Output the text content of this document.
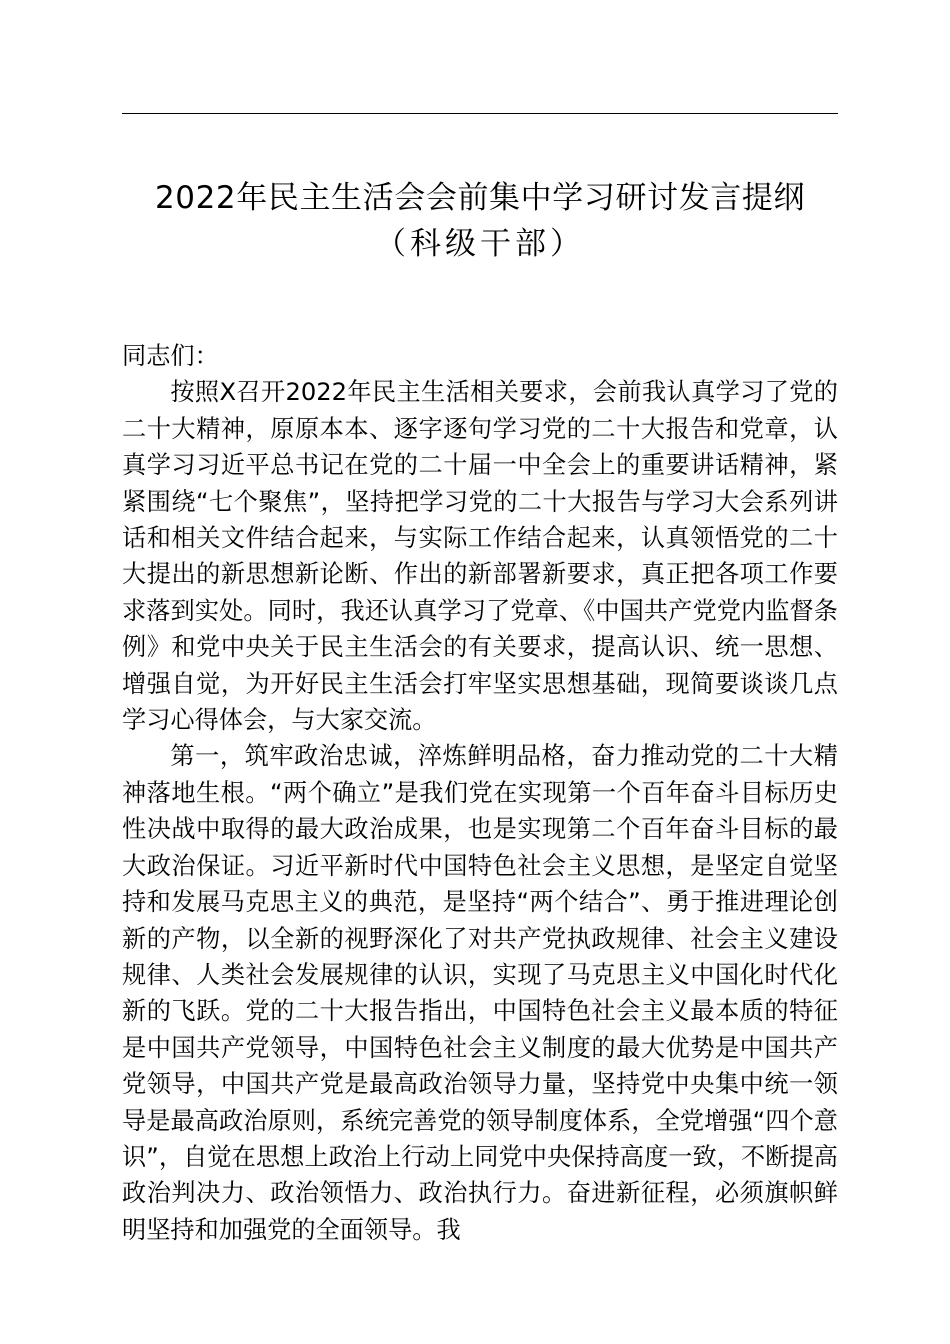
2022年民主生活会会前集中学习研讨发言提纲
（科级干部）

同志们：

按照X召开2022年民主生活相关要求，会前我认真学习了党的二十大精神，原原本本、逐字逐句学习党的二十大报告和党章，认真学习习近平总书记在党的二十届一中全会上的重要讲话精神，紧紧围绕“七个聚焦”，坚持把学习党的二十大报告与学习大会系列讲话和相关文件结合起来，与实际工作结合起来，认真领悟党的二十大提出的新思想新论断、作出的新部署新要求，真正把各项工作要求落到实处。同时，我还认真学习了党章、《中国共产党党内监督条例》和党中央关于民主生活会的有关要求，提高认识、统一思想、增强自觉，为开好民主生活会打牢坚实思想基础，现简要谈谈几点学习心得体会，与大家交流。

第一，筑牢政治忠诚，淬炼鲜明品格，奋力推动党的二十大精神落地生根。“两个确立”是我们党在实现第一个百年奋斗目标历史性决战中取得的最大政治成果，也是实现第二个百年奋斗目标的最大政治保证。习近平新时代中国特色社会主义思想，是坚定自觉坚持和发展马克思主义的典范，是坚持“两个结合”、勇于推进理论创新的产物，以全新的视野深化了对共产党执政规律、社会主义建设规律、人类社会发展规律的认识，实现了马克思主义中国化时代化新的飞跃。党的二十大报告指出，中国特色社会主义最本质的特征是中国共产党领导，中国特色社会主义制度的最大优势是中国共产党领导，中国共产党是最高政治领导力量，坚持党中央集中统一领导是最高政治原则，系统完善党的领导制度体系，全党增强“四个意识”，自觉在思想上政治上行动上同党中央保持高度一致，不断提高政治判决力、政治领悟力、政治执行力。奋进新征程，必须旗帜鲜明坚持和加强党的全面领导。我
